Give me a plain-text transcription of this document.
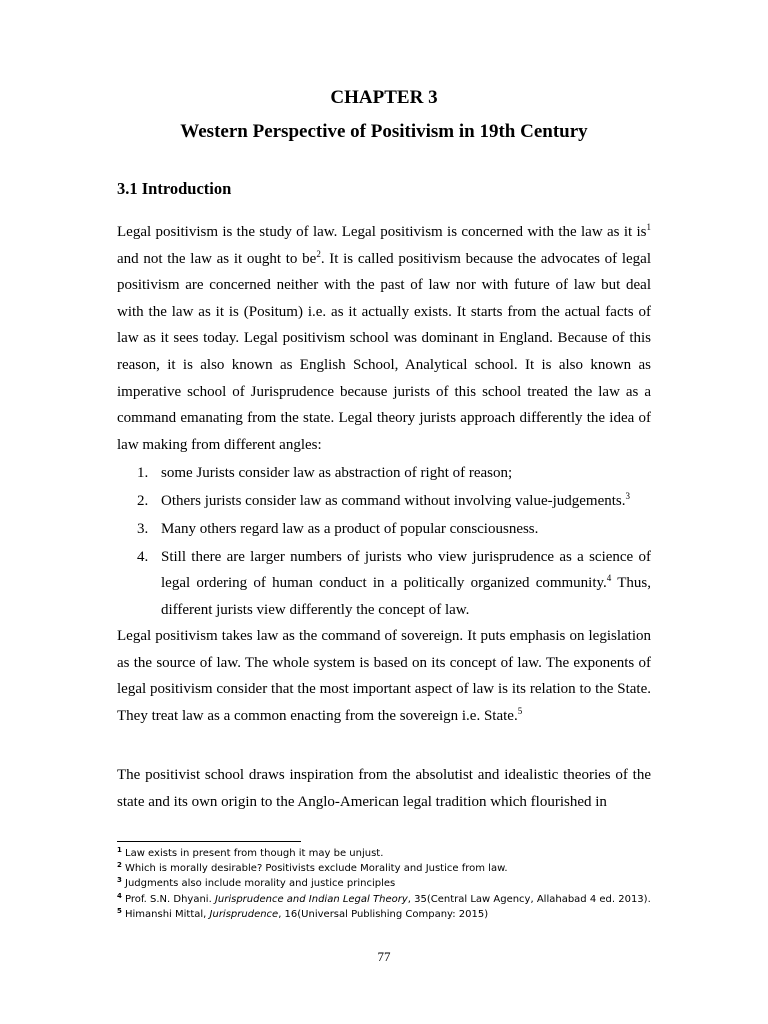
CHAPTER 3
Western Perspective of Positivism in 19th Century
3.1 Introduction
Legal positivism is the study of law. Legal positivism is concerned with the law as it $is^1$ and not the law as it ought to $be^2$. It is called positivism because the advocates of legal positivism are concerned neither with the past of law nor with future of law but deal with the law as it is (Positum) i.e. as it actually exists. It starts from the actual facts of law as it sees today. Legal positivism school was dominant in England. Because of this reason, it is also known as English School, Analytical school. It is also known as imperative school of Jurisprudence because jurists of this school treated the law as a command emanating from the state. Legal theory jurists approach differently the idea of law making from different angles:
1. some Jurists consider law as abstraction of right of reason;
2. Others jurists consider law as command without involving value-judgements.$^3$
3. Many others regard law as a product of popular consciousness.
4. Still there are larger numbers of jurists who view jurisprudence as a science of legal ordering of human conduct in a politically organized community.$^4$ Thus, different jurists view differently the concept of law.
Legal positivism takes law as the command of sovereign. It puts emphasis on legislation as the source of law. The whole system is based on its concept of law. The exponents of legal positivism consider that the most important aspect of law is its relation to the State. They treat law as a common enacting from the sovereign i.e. State.$^5$
The positivist school draws inspiration from the absolutist and idealistic theories of the state and its own origin to the Anglo-American legal tradition which flourished in
1 Law exists in present from though it may be unjust.
2 Which is morally desirable? Positivists exclude Morality and Justice from law.
3 Judgments also include morality and justice principles
4 Prof. S.N. Dhyani. Jurisprudence and Indian Legal Theory, 35(Central Law Agency, Allahabad 4 ed. 2013).
5 Himanshi Mittal, Jurisprudence, 16(Universal Publishing Company: 2015)
77
